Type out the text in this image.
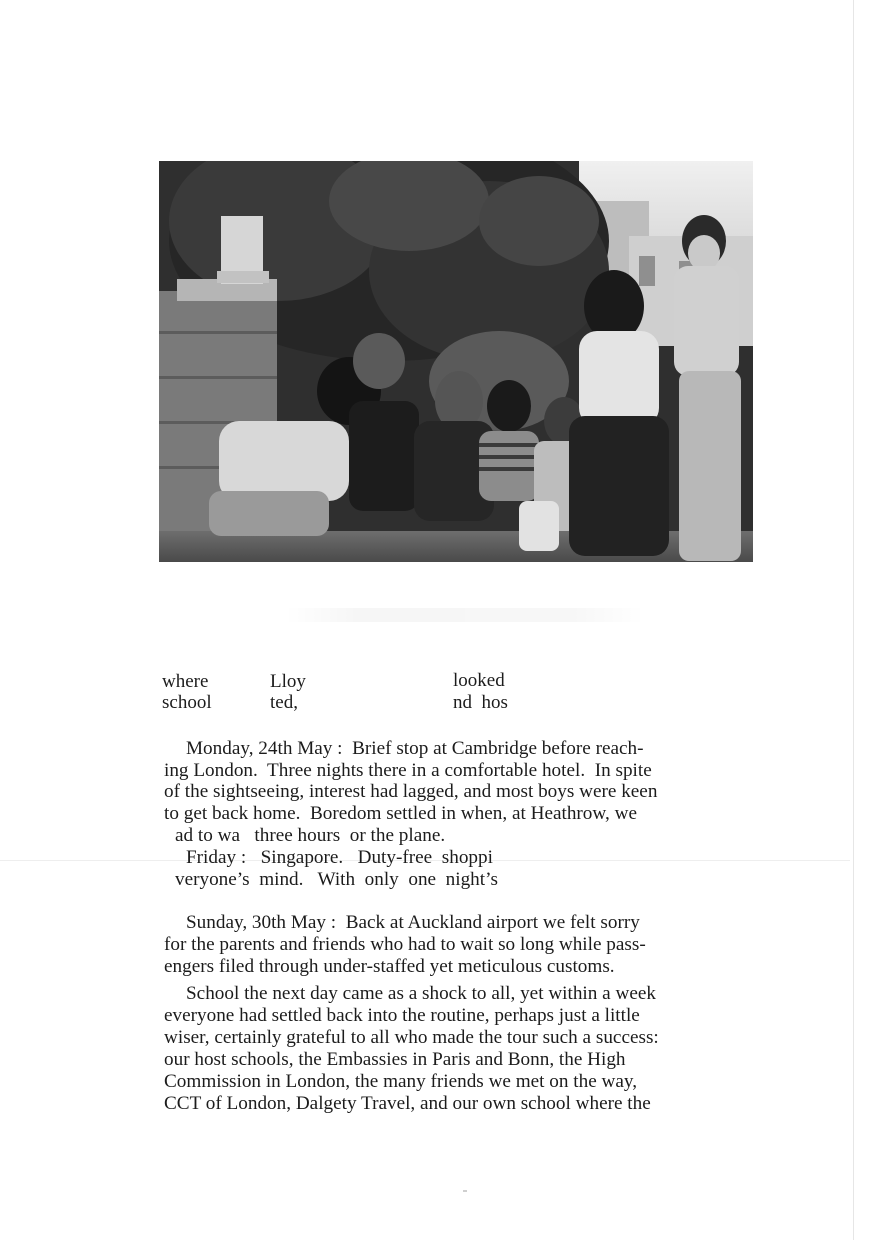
where	Lloy	looked
school	ted,	nd  hos
Monday, 24th May :  Brief stop at Cambridge before reach-
ing London.  Three nights there in a comfortable hotel.  In spite
of the sightseeing, interest had lagged, and most boys were keen
to get back home.  Boredom settled in when, at Heathrow, we
ad to wa   three hours  or the plane.
Friday :   Singapore.   Duty-free  shoppi
veryone’s  mind.   With  only  one  night’s
Sunday, 30th May :  Back at Auckland airport we felt sorry
for the parents and friends who had to wait so long while pass-
engers filed through under-staffed yet meticulous customs.
School the next day came as a shock to all, yet within a week
everyone had settled back into the routine, perhaps just a little
wiser, certainly grateful to all who made the tour such a success:
our host schools, the Embassies in Paris and Bonn, the High
Commission in London, the many friends we met on the way,
CCT of London, Dalgety Travel, and our own school where the
